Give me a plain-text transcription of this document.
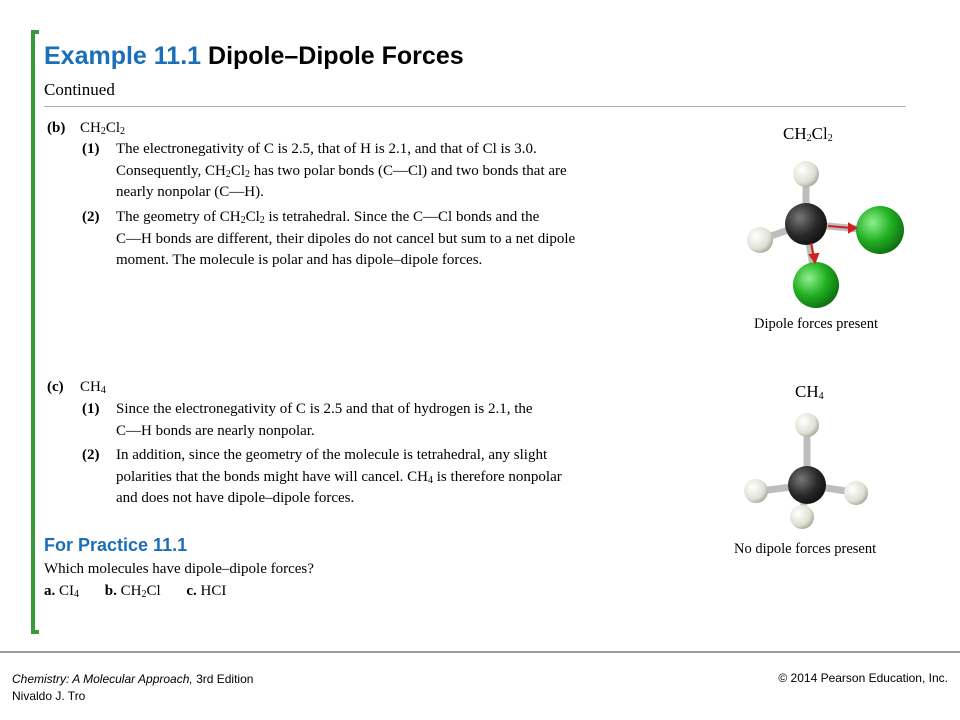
Example 11.1 Dipole–Dipole Forces
Continued
(b) $CH_2Cl_2$
(1) The electronegativity of C is 2.5, that of H is 2.1, and that of Cl is 3.0.
Consequently, $CH_2Cl_2$ has two polar bonds (C—Cl) and two bonds that are
nearly nonpolar (C—H).
(2) The geometry of $CH_2Cl_2$ is tetrahedral. Since the C—Cl bonds and the
C—H bonds are different, their dipoles do not cancel but sum to a net dipole
moment. The molecule is polar and has dipole–dipole forces.
(c) $CH_4$
(1) Since the electronegativity of C is 2.5 and that of hydrogen is 2.1, the
C—H bonds are nearly nonpolar.
(2) In addition, since the geometry of the molecule is tetrahedral, any slight
polarities that the bonds might have will cancel. $CH_4$ is therefore nonpolar
and does not have dipole–dipole forces.
For Practice 11.1
Which molecules have dipole–dipole forces?
a. $CI_4$ b. $CH_2Cl$ c. HCI
$CH_2Cl_2$
Dipole forces present
$CH_4$
No dipole forces present
Chemistry: A Molecular Approach, 3rd Edition
Nivaldo J. Tro
© 2014 Pearson Education, Inc.
